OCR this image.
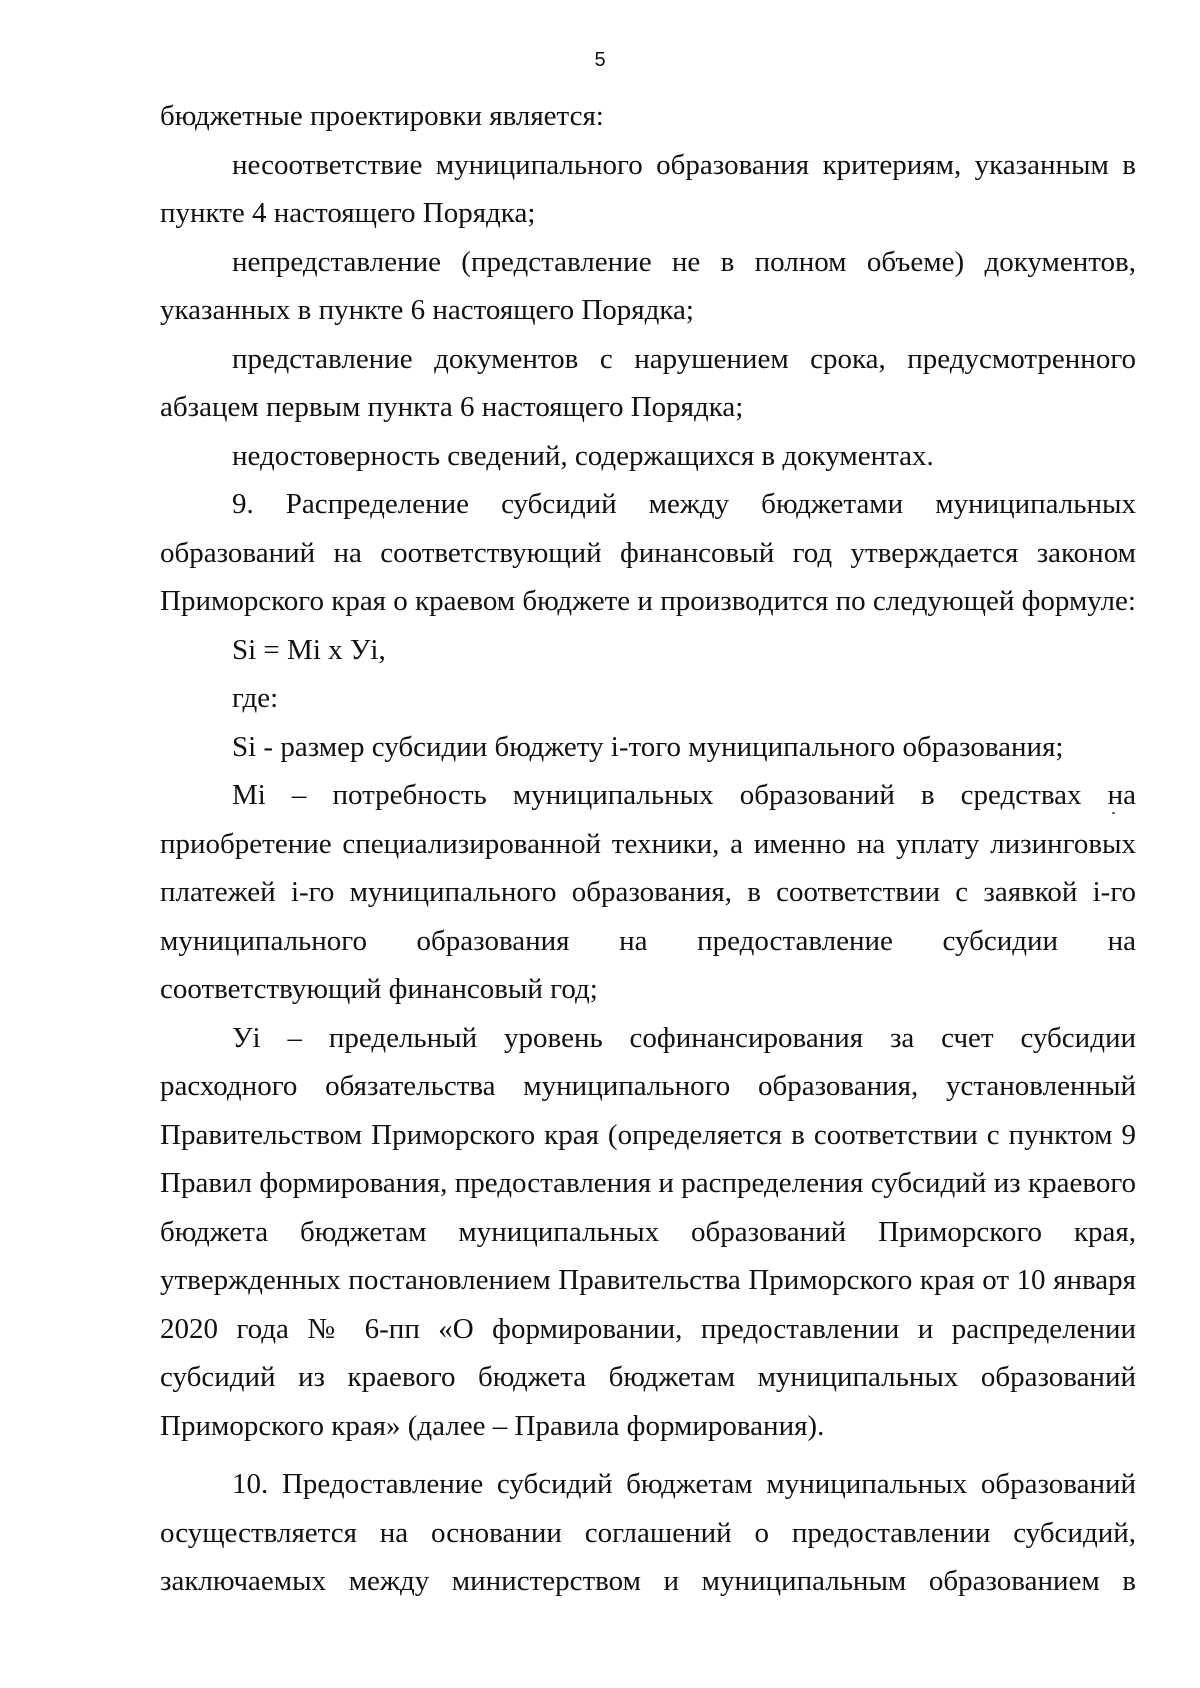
5

бюджетные проектировки является:

несоответствие муниципального образования критериям, указанным в пункте 4 настоящего Порядка;

непредставление (представление не в полном объеме) документов, указанных в пункте 6 настоящего Порядка;

представление документов с нарушением срока, предусмотренного абзацем первым пункта 6 настоящего Порядка;

недостоверность сведений, содержащихся в документах.

9. Распределение субсидий между бюджетами муниципальных образований на соответствующий финансовый год утверждается законом Приморского края о краевом бюджете и производится по следующей формуле:

Si = Mi x Уi,

где:

Si - размер субсидии бюджету i-того муниципального образования;

Mi – потребность муниципальных образований в средствах на приобретение специализированной техники, а именно на уплату лизинговых платежей i-го муниципального образования, в соответствии с заявкой i-го муниципального образования на предоставление субсидии на соответствующий финансовый год;

Уi – предельный уровень софинансирования за счет субсидии расходного обязательства муниципального образования, установленный Правительством Приморского края (определяется в соответствии с пунктом 9 Правил формирования, предоставления и распределения субсидий из краевого бюджета бюджетам муниципальных образований Приморского края, утвержденных постановлением Правительства Приморского края от 10 января 2020 года № 6-пп «О формировании, предоставлении и распределении субсидий из краевого бюджета бюджетам муниципальных образований Приморского края» (далее – Правила формирования).

10. Предоставление субсидий бюджетам муниципальных образований осуществляется на основании соглашений о предоставлении субсидий, заключаемых между министерством и муниципальным образованием в
